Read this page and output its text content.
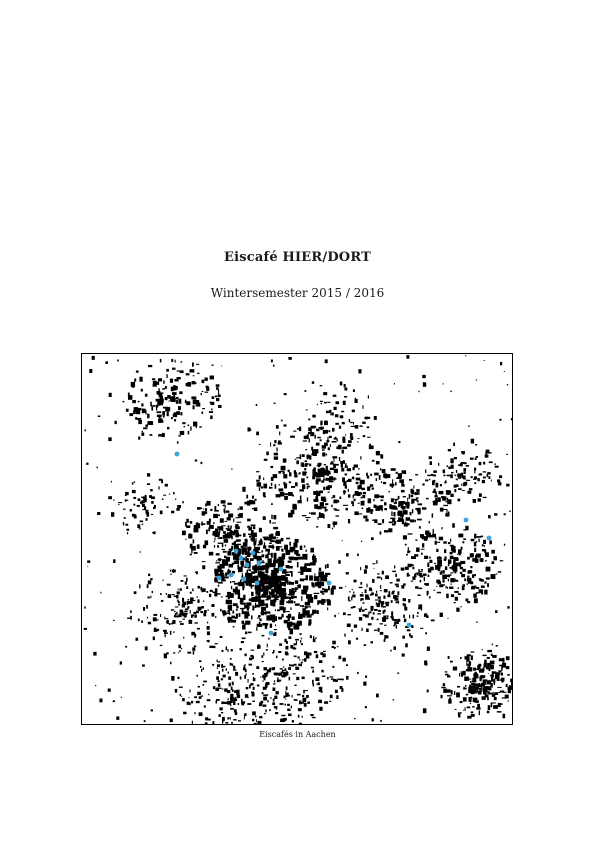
Eiscafé HIER/DORT
Wintersemester 2015 / 2016
Eiscafés in Aachen
